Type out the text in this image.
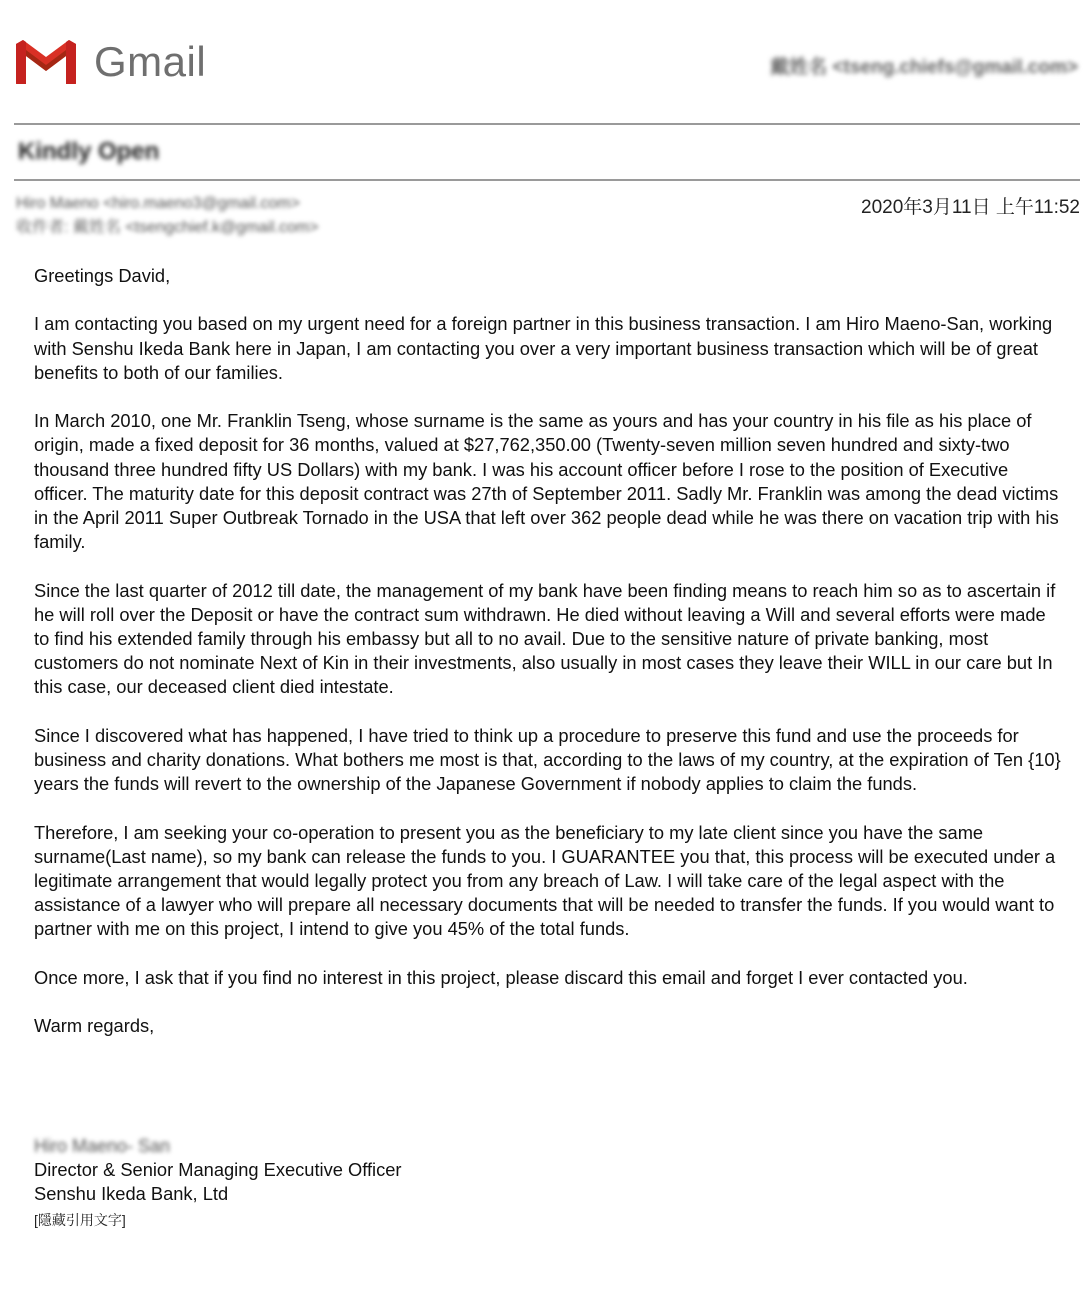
Gmail	戴姓名 <tseng.chiefs@gmail.com>
Kindly Open
Hiro Maeno <hiro.maeno3@gmail.com>
收件者: 戴姓名 <tsengchief.k@gmail.com>
2020年3月11日 上午11:52

Greetings David,

I am contacting you based on my urgent need for a foreign partner in this business transaction. I am Hiro Maeno-San, working with Senshu Ikeda Bank here in Japan, I am contacting you over a very important business transaction which will be of great benefits to both of our families.

In March 2010, one Mr. Franklin Tseng, whose surname is the same as yours and has your country in his file as his place of origin, made a fixed deposit for 36 months, valued at $27,762,350.00 (Twenty-seven million seven hundred and sixty-two thousand three hundred fifty US Dollars) with my bank. I was his account officer before I rose to the position of Executive officer. The maturity date for this deposit contract was 27th of September 2011. Sadly Mr. Franklin was among the dead victims in the April 2011 Super Outbreak Tornado in the USA that left over 362 people dead while he was there on vacation trip with his family.

Since the last quarter of 2012 till date, the management of my bank have been finding means to reach him so as to ascertain if he will roll over the Deposit or have the contract sum withdrawn. He died without leaving a Will and several efforts were made to find his extended family through his embassy but all to no avail. Due to the sensitive nature of private banking, most customers do not nominate Next of Kin in their investments, also usually in most cases they leave their WILL in our care but In this case, our deceased client died intestate.

Since I discovered what has happened, I have tried to think up a procedure to preserve this fund and use the proceeds for business and charity donations. What bothers me most is that, according to the laws of my country, at the expiration of Ten {10} years the funds will revert to the ownership of the Japanese Government if nobody applies to claim the funds.

Therefore, I am seeking your co-operation to present you as the beneficiary to my late client since you have the same surname(Last name), so my bank can release the funds to you. I GUARANTEE you that, this process will be executed under a legitimate arrangement that would legally protect you from any breach of Law. I will take care of the legal aspect with the assistance of a lawyer who will prepare all necessary documents that will be needed to transfer the funds. If you would want to partner with me on this project, I intend to give you 45% of the total funds.

Once more, I ask that if you find no interest in this project, please discard this email and forget I ever contacted you.

Warm regards,

Hiro Maeno- San
Director & Senior Managing Executive Officer
Senshu Ikeda Bank, Ltd
[隱藏引用文字]
